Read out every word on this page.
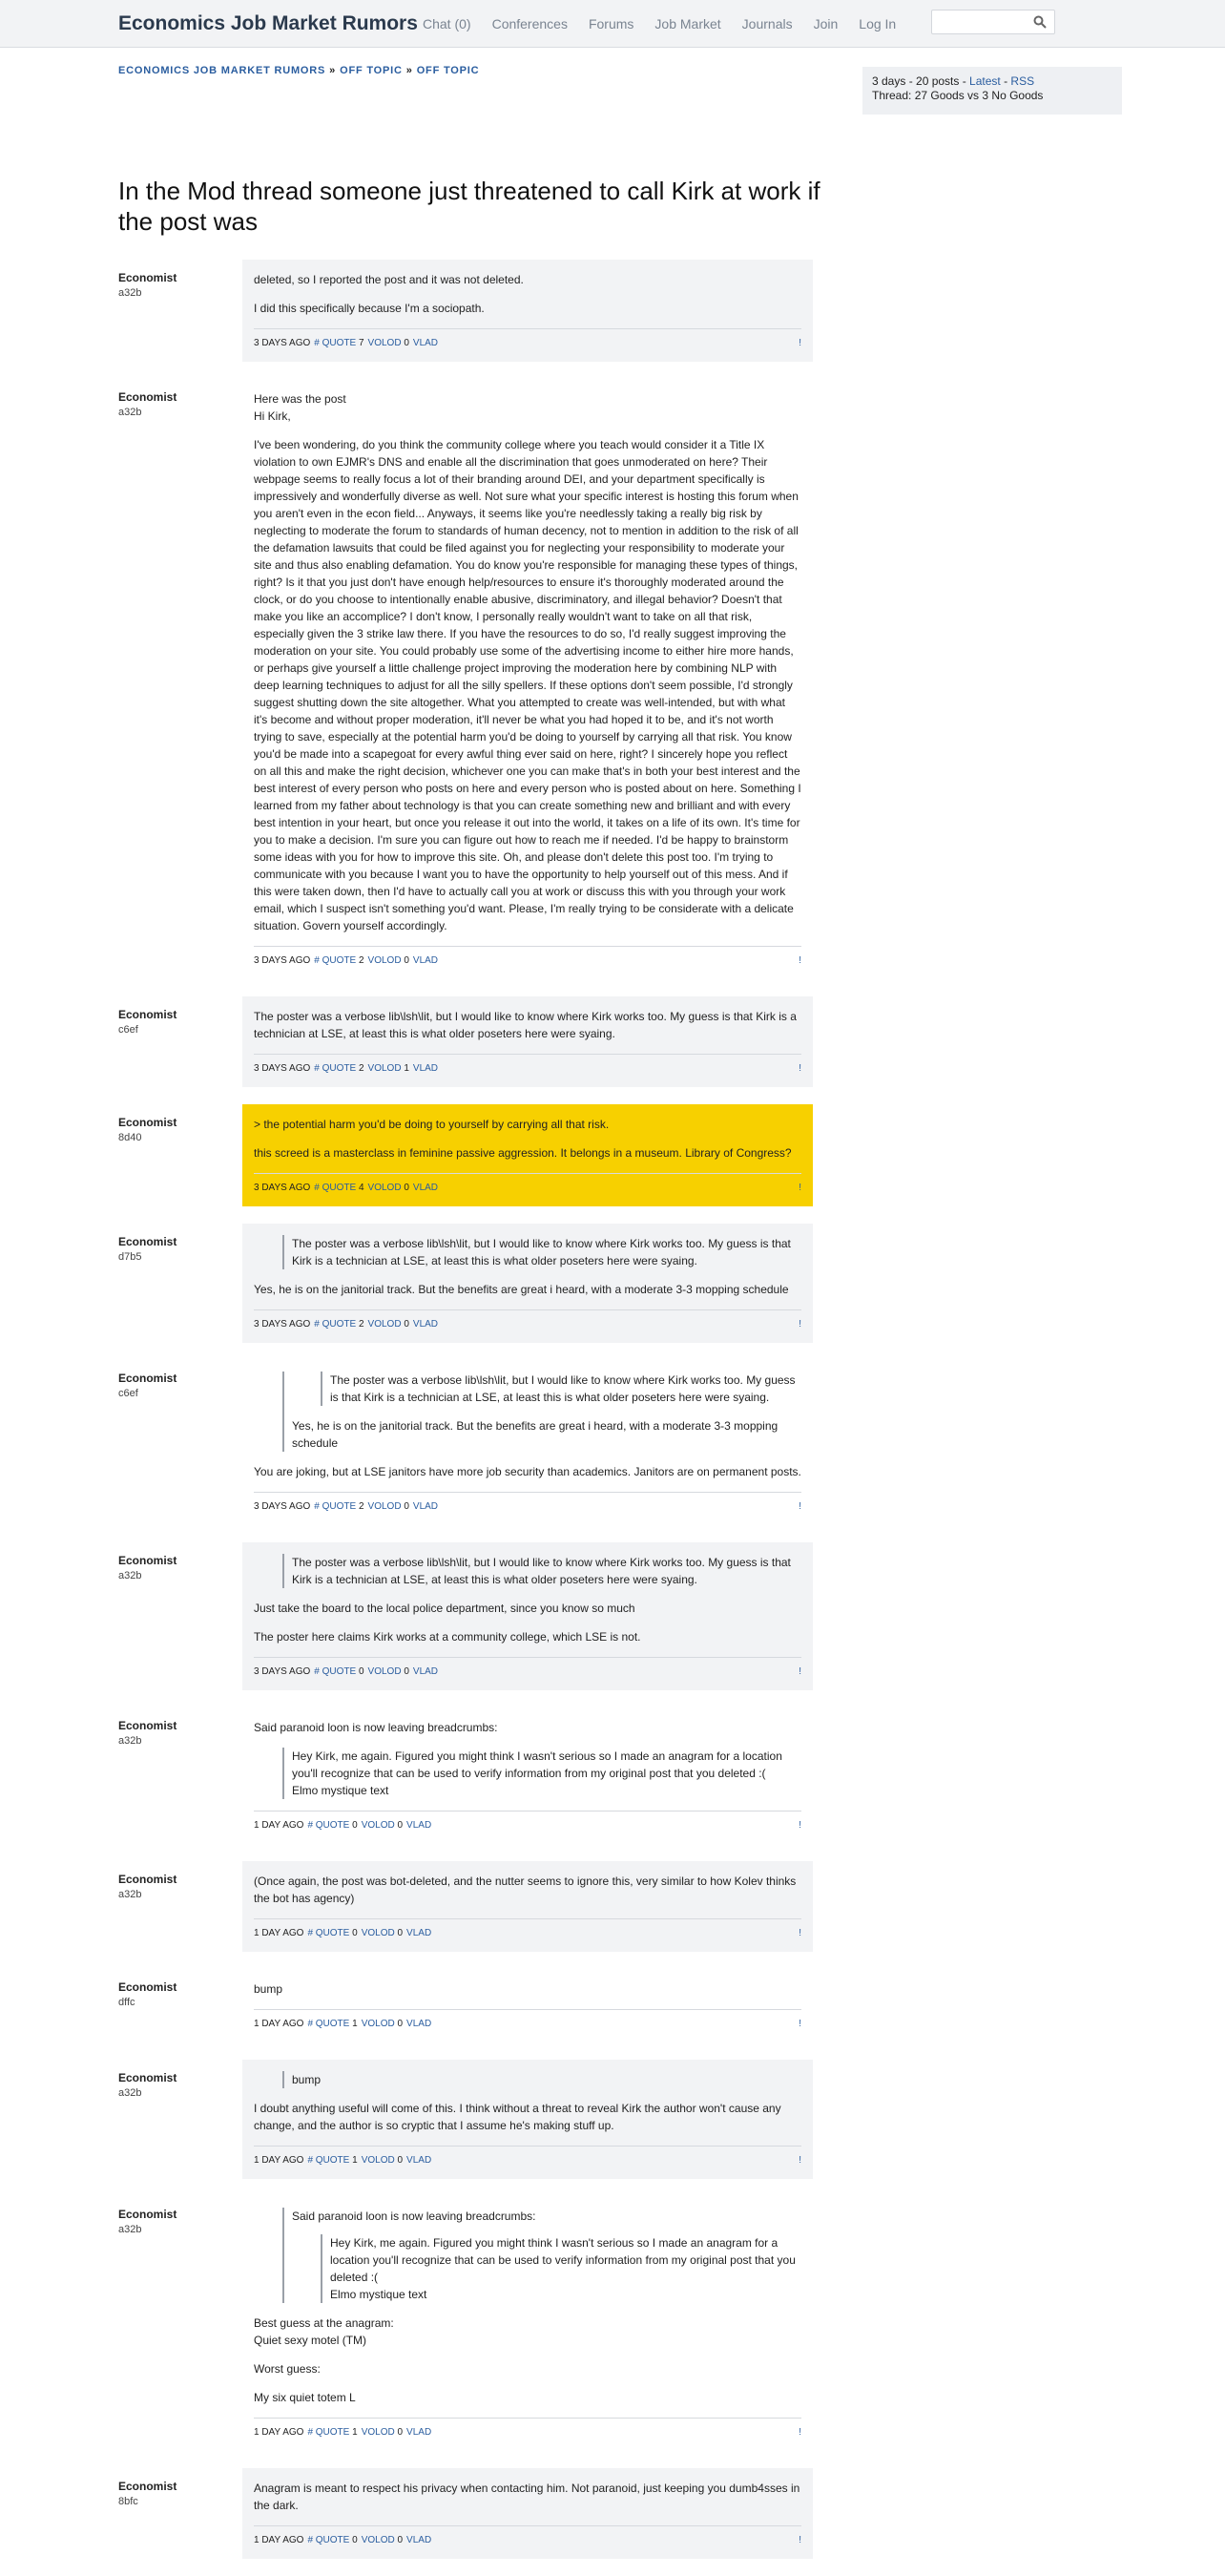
Economics Job Market Rumors Chat (0) Conferences Forums Job Market Journals Join Log In
ECONOMICS JOB MARKET RUMORS » OFF TOPIC » OFF TOPIC
3 days - 20 posts - Latest - RSS
Thread: 27 Goods vs 3 No Goods
In the Mod thread someone just threatened to call Kirk at work if the post was
Economist
a32b

deleted, so I reported the post and it was not deleted.

I did this specifically because I'm a sociopath.

3 DAYS AGO # QUOTE 7 VOLOD 0 VLAD	!
Economist
a32b

Here was the post
Hi Kirk,

I've been wondering, do you think the community college where you teach would consider it a Title IX violation to own EJMR's DNS and enable all the discrimination that goes unmoderated on here? Their webpage seems to really focus a lot of their branding around DEI, and your department specifically is impressively and wonderfully diverse as well. Not sure what your specific interest is hosting this forum when you aren't even in the econ field... Anyways, it seems like you're needlessly taking a really big risk by neglecting to moderate the forum to standards of human decency, not to mention in addition to the risk of all the defamation lawsuits that could be filed against you for neglecting your responsibility to moderate your site and thus also enabling defamation. You do know you're responsible for managing these types of things, right? Is it that you just don't have enough help/resources to ensure it's thoroughly moderated around the clock, or do you choose to intentionally enable abusive, discriminatory, and illegal behavior? Doesn't that make you like an accomplice? I don't know, I personally really wouldn't want to take on all that risk, especially given the 3 strike law there. If you have the resources to do so, I'd really suggest improving the moderation on your site. You could probably use some of the advertising income to either hire more hands, or perhaps give yourself a little challenge project improving the moderation here by combining NLP with deep learning techniques to adjust for all the silly spellers. If these options don't seem possible, I'd strongly suggest shutting down the site altogether. What you attempted to create was well-intended, but with what it's become and without proper moderation, it'll never be what you had hoped it to be, and it's not worth trying to save, especially at the potential harm you'd be doing to yourself by carrying all that risk. You know you'd be made into a scapegoat for every awful thing ever said on here, right? I sincerely hope you reflect on all this and make the right decision, whichever one you can make that's in both your best interest and the best interest of every person who posts on here and every person who is posted about on here. Something I learned from my father about technology is that you can create something new and brilliant and with every best intention in your heart, but once you release it out into the world, it takes on a life of its own. It's time for you to make a decision. I'm sure you can figure out how to reach me if needed. I'd be happy to brainstorm some ideas with you for how to improve this site. Oh, and please don't delete this post too. I'm trying to communicate with you because I want you to have the opportunity to help yourself out of this mess. And if this were taken down, then I'd have to actually call you at work or discuss this with you through your work email, which I suspect isn't something you'd want. Please, I'm really trying to be considerate with a delicate situation. Govern yourself accordingly.

3 DAYS AGO # QUOTE 2 VOLOD 0 VLAD	!
Economist
c6ef

The poster was a verbose lib\lsh\lit, but I would like to know where Kirk works too. My guess is that Kirk is a technician at LSE, at least this is what older poseters here were syaing.

3 DAYS AGO # QUOTE 2 VOLOD 1 VLAD	!
Economist
8d40

> the potential harm you'd be doing to yourself by carrying all that risk.

this screed is a masterclass in feminine passive aggression. It belongs in a museum. Library of Congress?

3 DAYS AGO # QUOTE 4 VOLOD 0 VLAD	!
Economist
d7b5

The poster was a verbose lib\lsh\lit, but I would like to know where Kirk works too. My guess is that Kirk is a technician at LSE, at least this is what older poseters here were syaing.

Yes, he is on the janitorial track. But the benefits are great i heard, with a moderate 3-3 mopping schedule

3 DAYS AGO # QUOTE 2 VOLOD 0 VLAD	!
Economist
c6ef

The poster was a verbose lib\lsh\lit, but I would like to know where Kirk works too. My guess is that Kirk is a technician at LSE, at least this is what older poseters here were syaing.

Yes, he is on the janitorial track. But the benefits are great i heard, with a moderate 3-3 mopping schedule

You are joking, but at LSE janitors have more job security than academics. Janitors are on permanent posts.

3 DAYS AGO # QUOTE 2 VOLOD 0 VLAD	!
Economist
a32b

The poster was a verbose lib\lsh\lit, but I would like to know where Kirk works too. My guess is that Kirk is a technician at LSE, at least this is what older poseters here were syaing.

Just take the board to the local police department, since you know so much

The poster here claims Kirk works at a community college, which LSE is not.

3 DAYS AGO # QUOTE 0 VOLOD 0 VLAD	!
Economist
a32b

Said paranoid loon is now leaving breadcrumbs:

Hey Kirk, me again. Figured you might think I wasn't serious so I made an anagram for a location you'll recognize that can be used to verify information from my original post that you deleted :(
Elmo mystique text

1 DAY AGO # QUOTE 0 VOLOD 0 VLAD	!
Economist
a32b

(Once again, the post was bot-deleted, and the nutter seems to ignore this, very similar to how Kolev thinks the bot has agency)

1 DAY AGO # QUOTE 0 VOLOD 0 VLAD	!
Economist
dffc

bump

1 DAY AGO # QUOTE 1 VOLOD 0 VLAD	!
Economist
a32b

bump

I doubt anything useful will come of this. I think without a threat to reveal Kirk the author won't cause any change, and the author is so cryptic that I assume he's making stuff up.

1 DAY AGO # QUOTE 1 VOLOD 0 VLAD	!
Economist
a32b

Said paranoid loon is now leaving breadcrumbs:

Hey Kirk, me again. Figured you might think I wasn't serious so I made an anagram for a location you'll recognize that can be used to verify information from my original post that you deleted :(
Elmo mystique text

Best guess at the anagram:
Quiet sexy motel (TM)

Worst guess:

My six quiet totem L

1 DAY AGO # QUOTE 1 VOLOD 0 VLAD	!
Economist
8bfc

Anagram is meant to respect his privacy when contacting him. Not paranoid, just keeping you dumb4sses in the dark.

1 DAY AGO # QUOTE 0 VOLOD 0 VLAD	!
